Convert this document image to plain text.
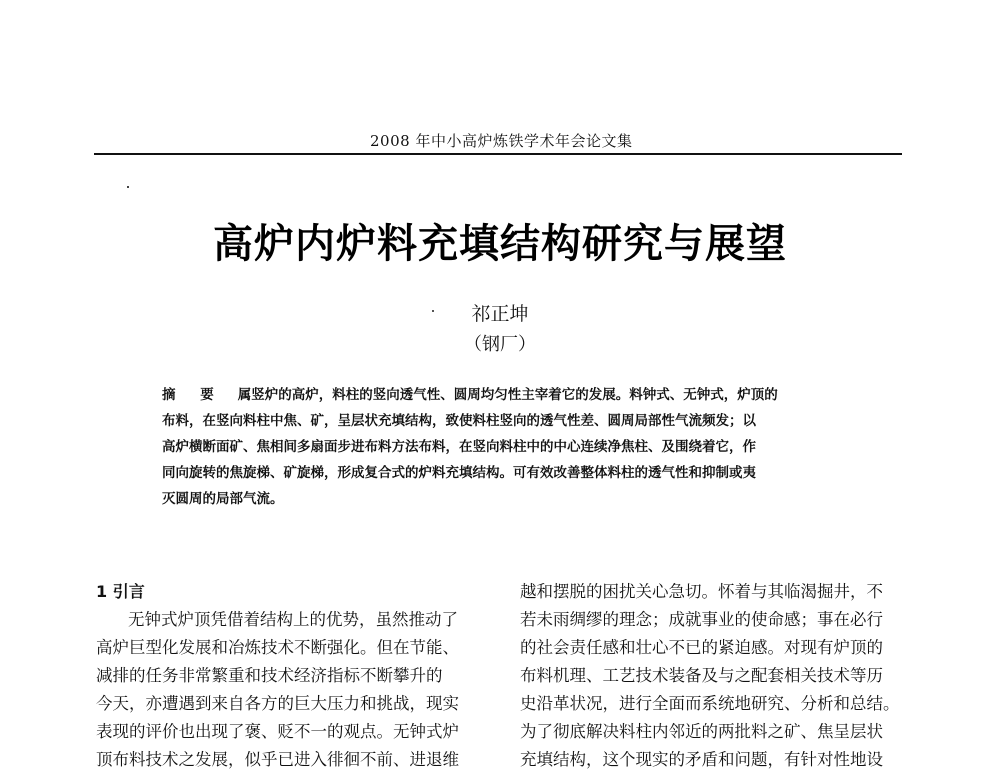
2008 年中小高炉炼铁学术年会论文集
高炉内炉料充填结构研究与展望
祁正坤
（钢厂）
摘 要 属竖炉的高炉，料柱的竖向透气性、圆周均匀性主宰着它的发展。料钟式、无钟式，炉顶的
布料，在竖向料柱中焦、矿，呈层状充填结构，致使料柱竖向的透气性差、圆周局部性气流频发；以
高炉横断面矿、焦相间多扇面步进布料方法布料，在竖向料柱中的中心连续净焦柱、及围绕着它，作
同向旋转的焦旋梯、矿旋梯，形成复合式的炉料充填结构。可有效改善整体料柱的透气性和抑制或夷
灭圆周的局部气流。
1 引言
无钟式炉顶凭借着结构上的优势，虽然推动了
高炉巨型化发展和冶炼技术不断强化。但在节能、
减排的任务非常繁重和技术经济指标不断攀升的
今天，亦遭遇到来自各方的巨大压力和挑战，现实
表现的评价也出现了褒、贬不一的观点。无钟式炉
顶布料技术之发展，似乎已进入徘徊不前、进退维
越和摆脱的困扰关心急切。怀着与其临渴掘井，不
若未雨绸缪的理念；成就事业的使命感；事在必行
的社会责任感和壮心不已的紧迫感。对现有炉顶的
布料机理、工艺技术装备及与之配套相关技术等历
史沿革状况，进行全面而系统地研究、分析和总结。
为了彻底解决料柱内邻近的两批料之矿、焦呈层状
充填结构，这个现实的矛盾和问题，有针对性地设
